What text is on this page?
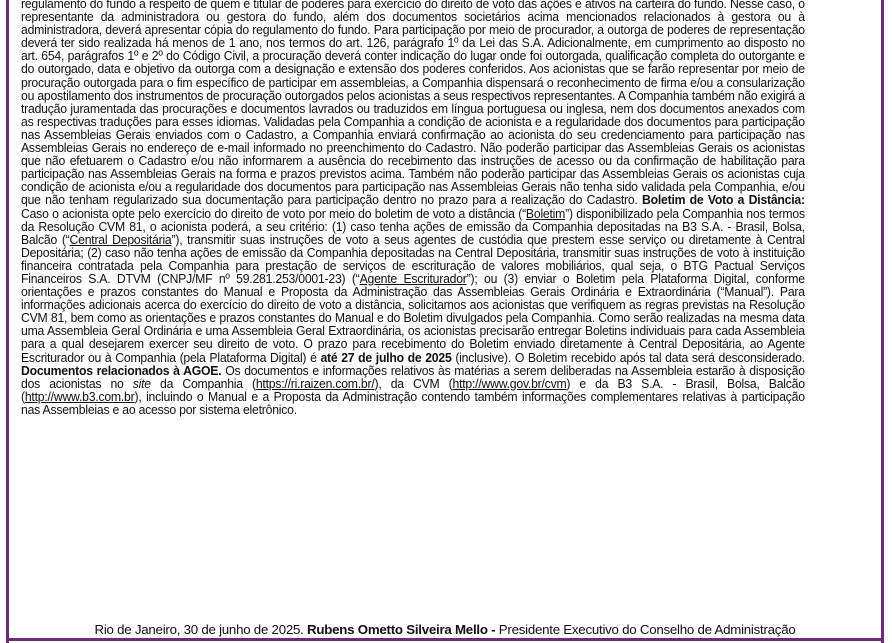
regulamento do fundo a respeito de quem é titular de poderes para exercício do direito de voto das ações e ativos na carteira do fundo. Nesse caso, o representante da administradora ou gestora do fundo, além dos documentos societários acima mencionados relacionados à gestora ou à administradora, deverá apresentar cópia do regulamento do fundo. Para participação por meio de procurador, a outorga de poderes de representação deverá ter sido realizada há menos de 1 ano, nos termos do art. 126, parágrafo 1º da Lei das S.A. Adicionalmente, em cumprimento ao disposto no art. 654, parágrafos 1º e 2º do Código Civil, a procuração deverá conter indicação do lugar onde foi outorgada, qualificação completa do outorgante e do outorgado, data e objetivo da outorga com a designação e extensão dos poderes conferidos. Aos acionistas que se farão representar por meio de procuração outorgada para o fim específico de participar em assembleias, a Companhia dispensará o reconhecimento de firma e/ou a consularização ou apostilamento dos instrumentos de procuração outorgados pelos acionistas a seus respectivos representantes. A Companhia também não exigirá a tradução juramentada das procurações e documentos lavrados ou traduzidos em língua portuguesa ou inglesa, nem dos documentos anexados com as respectivas traduções para esses idiomas. Validadas pela Companhia a condição de acionista e a regularidade dos documentos para participação nas Assembleias Gerais enviados com o Cadastro, a Companhia enviará confirmação ao acionista do seu credenciamento para participação nas Assembleias Gerais no endereço de e-mail informado no preenchimento do Cadastro. Não poderão participar das Assembleias Gerais os acionistas que não efetuarem o Cadastro e/ou não informarem a ausência do recebimento das instruções de acesso ou da confirmação de habilitação para participação nas Assembleias Gerais na forma e prazos previstos acima. Também não poderão participar das Assembleias Gerais os acionistas cuja condição de acionista e/ou a regularidade dos documentos para participação nas Assembleias Gerais não tenha sido validada pela Companhia, e/ou que não tenham regularizado sua documentação para participação dentro no prazo para a realização do Cadastro. Boletim de Voto a Distância: Caso o acionista opte pelo exercício do direito de voto por meio do boletim de voto a distância (“Boletim”) disponibilizado pela Companhia nos termos da Resolução CVM 81, o acionista poderá, a seu critério: (1) caso tenha ações de emissão da Companhia depositadas na B3 S.A. - Brasil, Bolsa, Balcão (“Central Depositária”), transmitir suas instruções de voto a seus agentes de custódia que prestem esse serviço ou diretamente à Central Depositária; (2) caso não tenha ações de emissão da Companhia depositadas na Central Depositária, transmitir suas instruções de voto à instituição financeira contratada pela Companhia para prestação de serviços de escrituração de valores mobiliários, qual seja, o BTG Pactual Serviços Financeiros S.A. DTVM (CNPJ/MF nº 59.281.253/0001-23) (“Agente Escriturador”); ou (3) enviar o Boletim pela Plataforma Digital, conforme orientações e prazos constantes do Manual e Proposta da Administração das Assembleias Gerais Ordinária e Extraordinária (“Manual”). Para informações adicionais acerca do exercício do direito de voto a distância, solicitamos aos acionistas que verifiquem as regras previstas na Resolução CVM 81, bem como as orientações e prazos constantes do Manual e do Boletim divulgados pela Companhia. Como serão realizadas na mesma data uma Assembleia Geral Ordinária e uma Assembleia Geral Extraordinária, os acionistas precisarão entregar Boletins individuais para cada Assembleia para a qual desejarem exercer seu direito de voto. O prazo para recebimento do Boletim enviado diretamente à Central Depositária, ao Agente Escriturador ou à Companhia (pela Plataforma Digital) é até 27 de julho de 2025 (inclusive). O Boletim recebido após tal data será desconsiderado. Documentos relacionados à AGOE. Os documentos e informações relativos às matérias a serem deliberadas na Assembleia estarão à disposição dos acionistas no site da Companhia (https://ri.raizen.com.br/), da CVM (http://www.gov.br/cvm) e da B3 S.A. - Brasil, Bolsa, Balcão (http://www.b3.com.br), incluindo o Manual e a Proposta da Administração contendo também informações complementares relativas à participação nas Assembleias e ao acesso por sistema eletrônico.

Rio de Janeiro, 30 de junho de 2025. Rubens Ometto Silveira Mello - Presidente Executivo do Conselho de Administração
